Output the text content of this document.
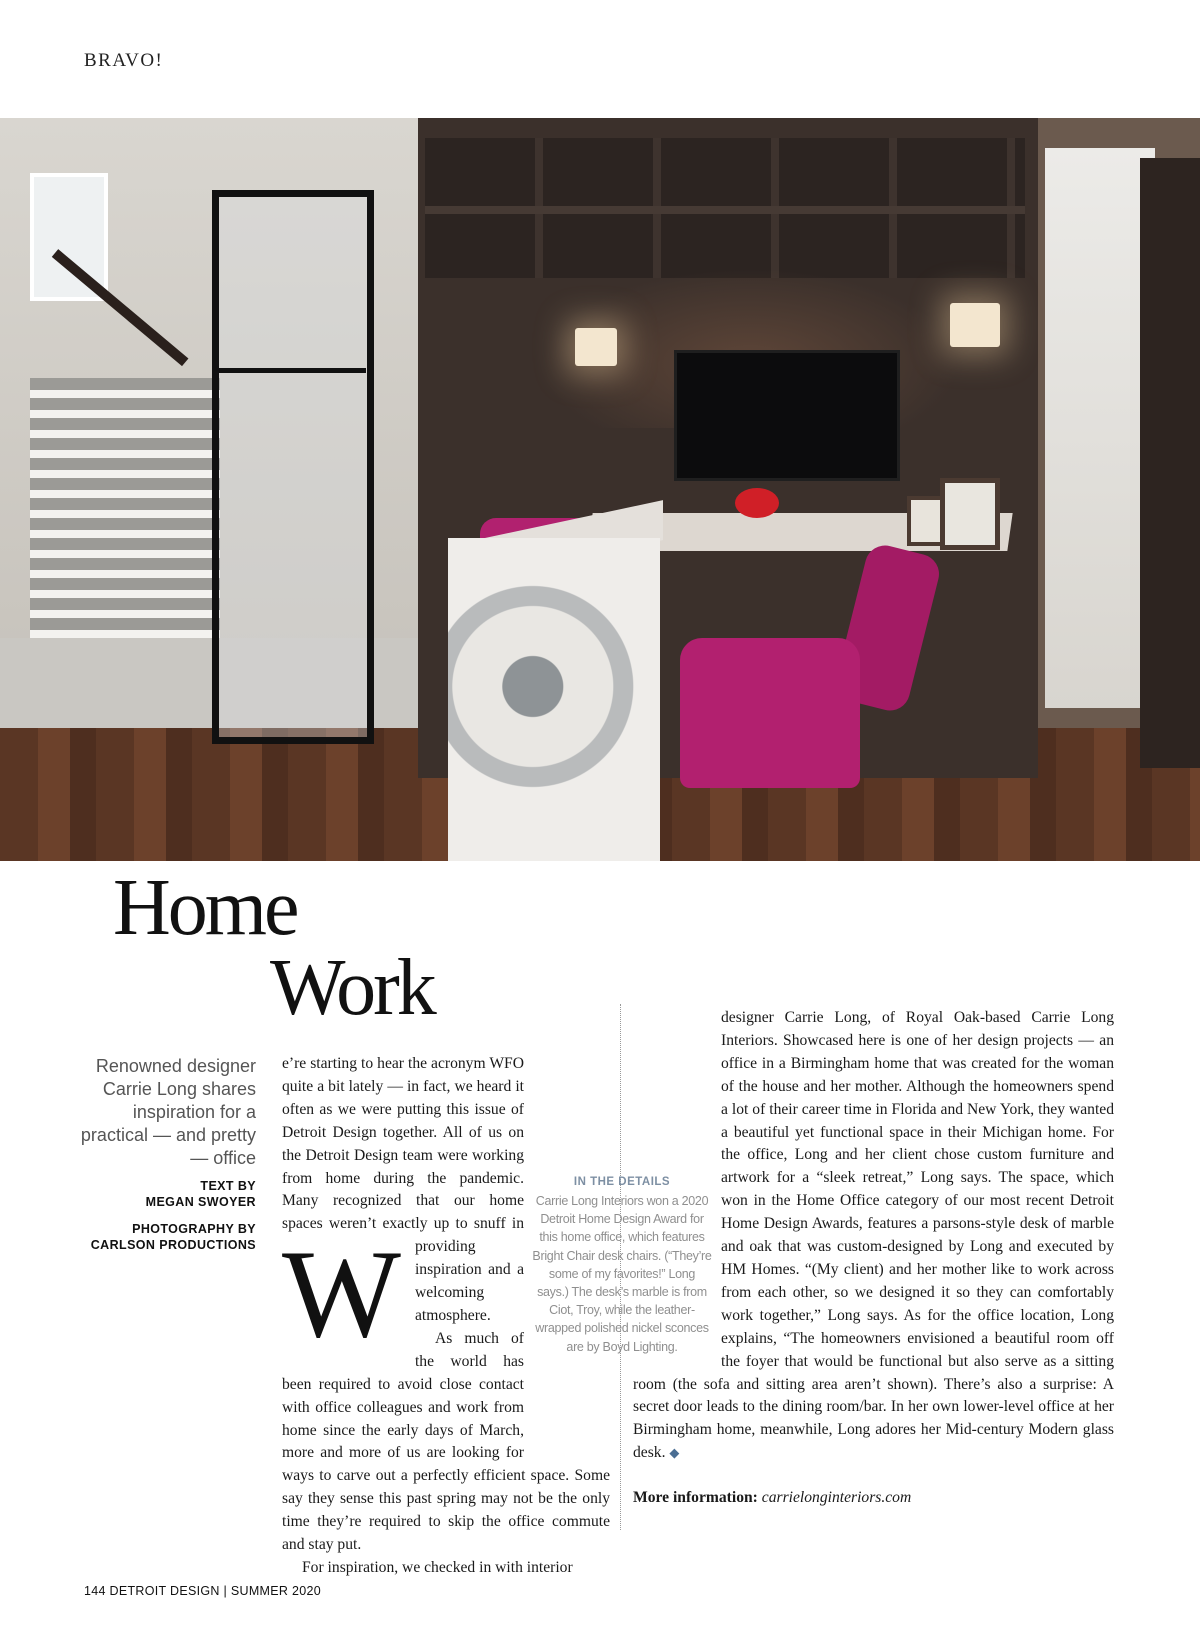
BRAVO!
Home
Work
Renowned designer Carrie Long shares inspiration for a practical — and pretty — office
TEXT BY
MEGAN SWOYER
PHOTOGRAPHY BY
CARLSON PRODUCTIONS W

e’re starting to hear the acronym WFO quite a bit lately — in fact, we heard it often as we were putting this issue of Detroit Design together. All of us on the Detroit Design team were working from home during the pandemic. Many recognized that our home spaces weren’t exactly up to snuff in providing inspiration and a welcoming atmosphere.

As much of the world has been required to avoid close contact with office colleagues and work from home since the early days of March, more and more of us are looking for ways to carve out a perfectly efficient space. Some say they sense this past spring may not be the only time they’re required to skip the office commute and stay put.

For inspiration, we checked in with interior

IN THE DETAILS
Carrie Long Interiors won a 2020 Detroit Home Design Award for this home office, which features Bright Chair desk chairs. (“They’re some of my favorites!” Long says.) The desk’s marble is from Ciot, Troy, while the leather-wrapped polished nickel sconces are by Boyd Lighting.

designer Carrie Long, of Royal Oak-based Carrie Long Interiors. Showcased here is one of her design projects — an office in a Birmingham home that was created for the woman of the house and her mother. Although the homeowners spend a lot of their career time in Florida and New York, they wanted a beautiful yet functional space in their Michigan home. For the office, Long and her client chose custom furniture and artwork for a “sleek retreat,” Long says. The space, which won in the Home Office category of our most recent Detroit Home Design Awards, features a parsons-style desk of marble and oak that was custom-designed by Long and executed by HM Homes. “(My client) and her mother like to work across from each other, so we designed it so they can comfortably work together,” Long says. As for the office location, Long explains, “The homeowners envisioned a beautiful room off the foyer that would be functional but also serve as a sitting room (the sofa and sitting area aren’t shown). There’s also a surprise: A secret door leads to the dining room/bar. In her own lower-level office at her Birmingham home, meanwhile, Long adores her Mid-century Modern glass desk. ◆

More information: carrielonginteriors.com

144 DETROIT DESIGN | SUMMER 2020
